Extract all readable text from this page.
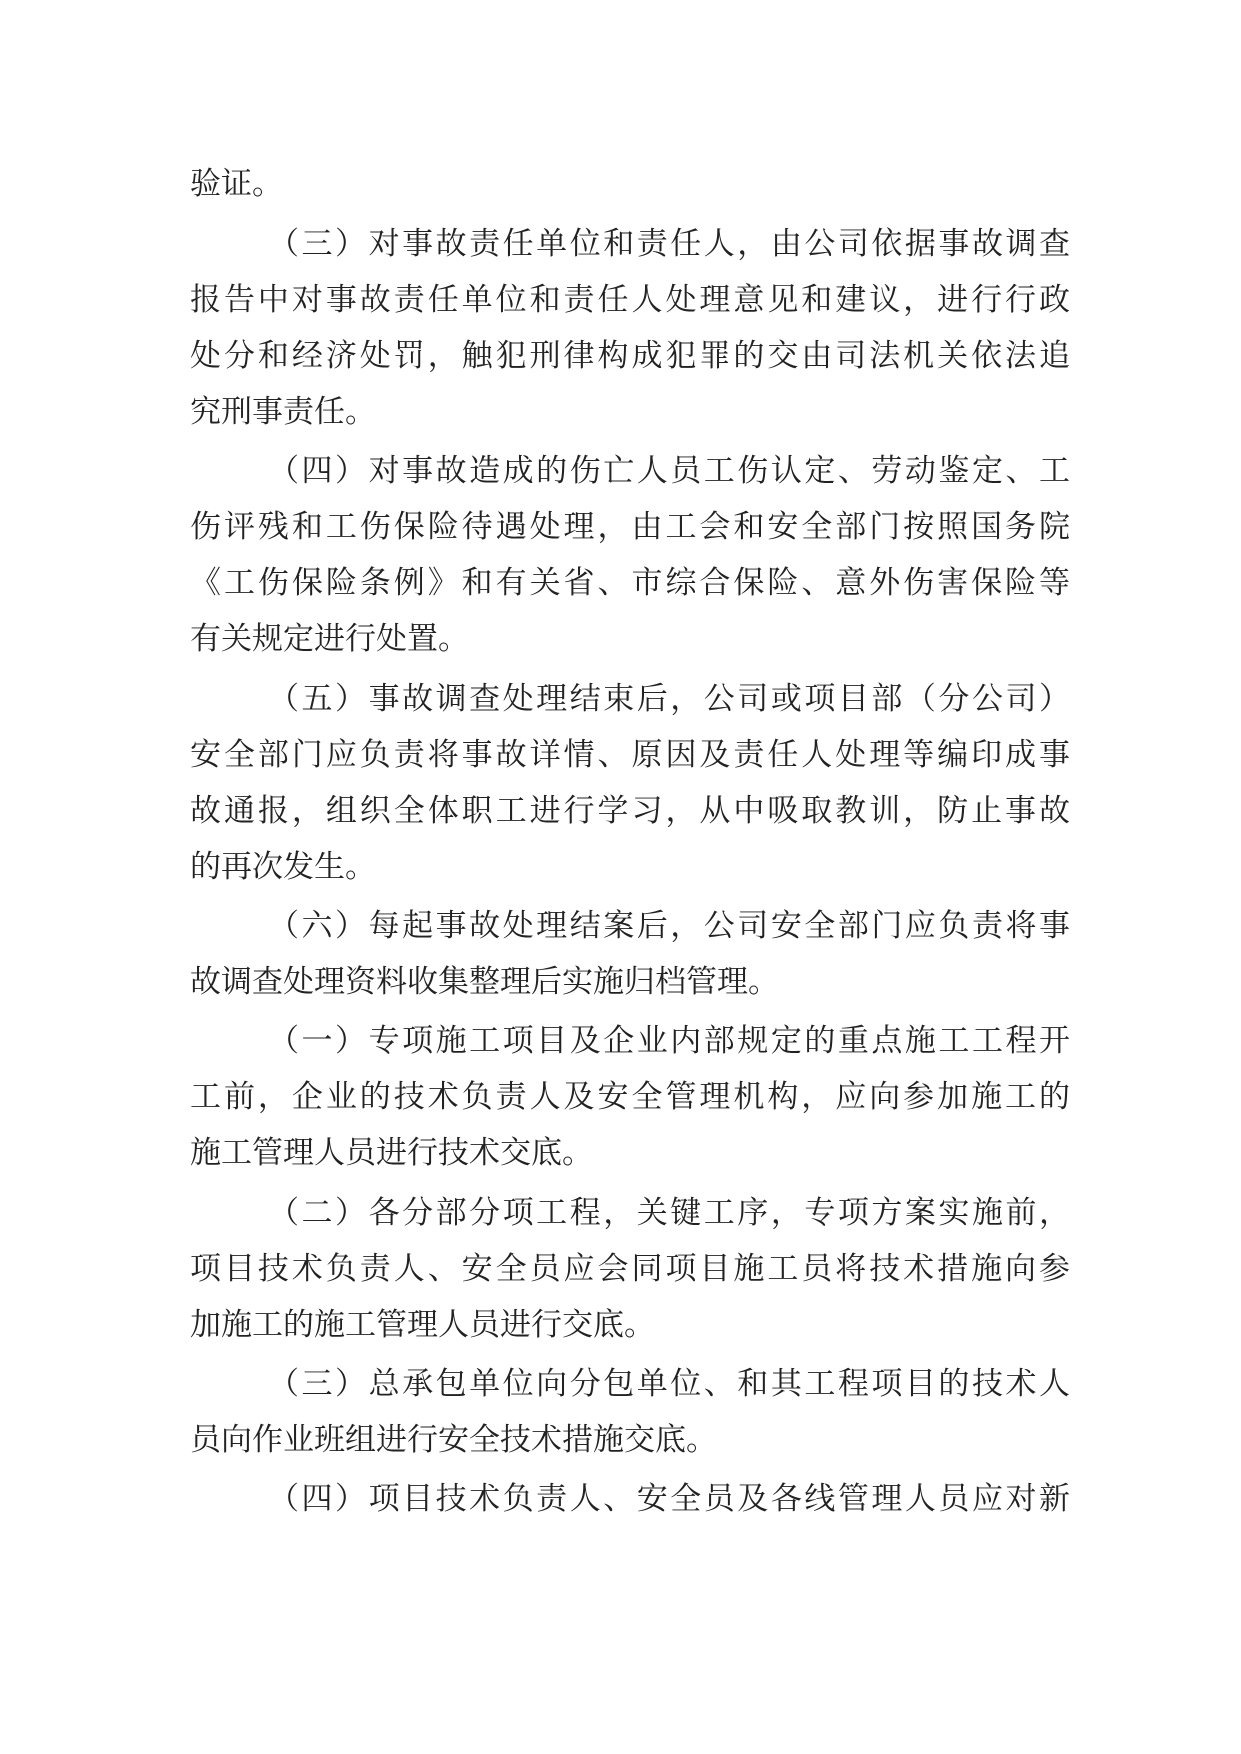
验证。
（三）对事故责任单位和责任人，由公司依据事故调查
报告中对事故责任单位和责任人处理意见和建议，进行行政
处分和经济处罚，触犯刑律构成犯罪的交由司法机关依法追
究刑事责任。
（四）对事故造成的伤亡人员工伤认定、劳动鉴定、工
伤评残和工伤保险待遇处理，由工会和安全部门按照国务院
《工伤保险条例》和有关省、市综合保险、意外伤害保险等
有关规定进行处置。
（五）事故调查处理结束后，公司或项目部（分公司）
安全部门应负责将事故详情、原因及责任人处理等编印成事
故通报，组织全体职工进行学习，从中吸取教训，防止事故
的再次发生。
（六）每起事故处理结案后，公司安全部门应负责将事
故调查处理资料收集整理后实施归档管理。
（一）专项施工项目及企业内部规定的重点施工工程开
工前，企业的技术负责人及安全管理机构，应向参加施工的
施工管理人员进行技术交底。
（二）各分部分项工程，关键工序，专项方案实施前，
项目技术负责人、安全员应会同项目施工员将技术措施向参
加施工的施工管理人员进行交底。
（三）总承包单位向分包单位、和其工程项目的技术人
员向作业班组进行安全技术措施交底。
（四）项目技术负责人、安全员及各线管理人员应对新
